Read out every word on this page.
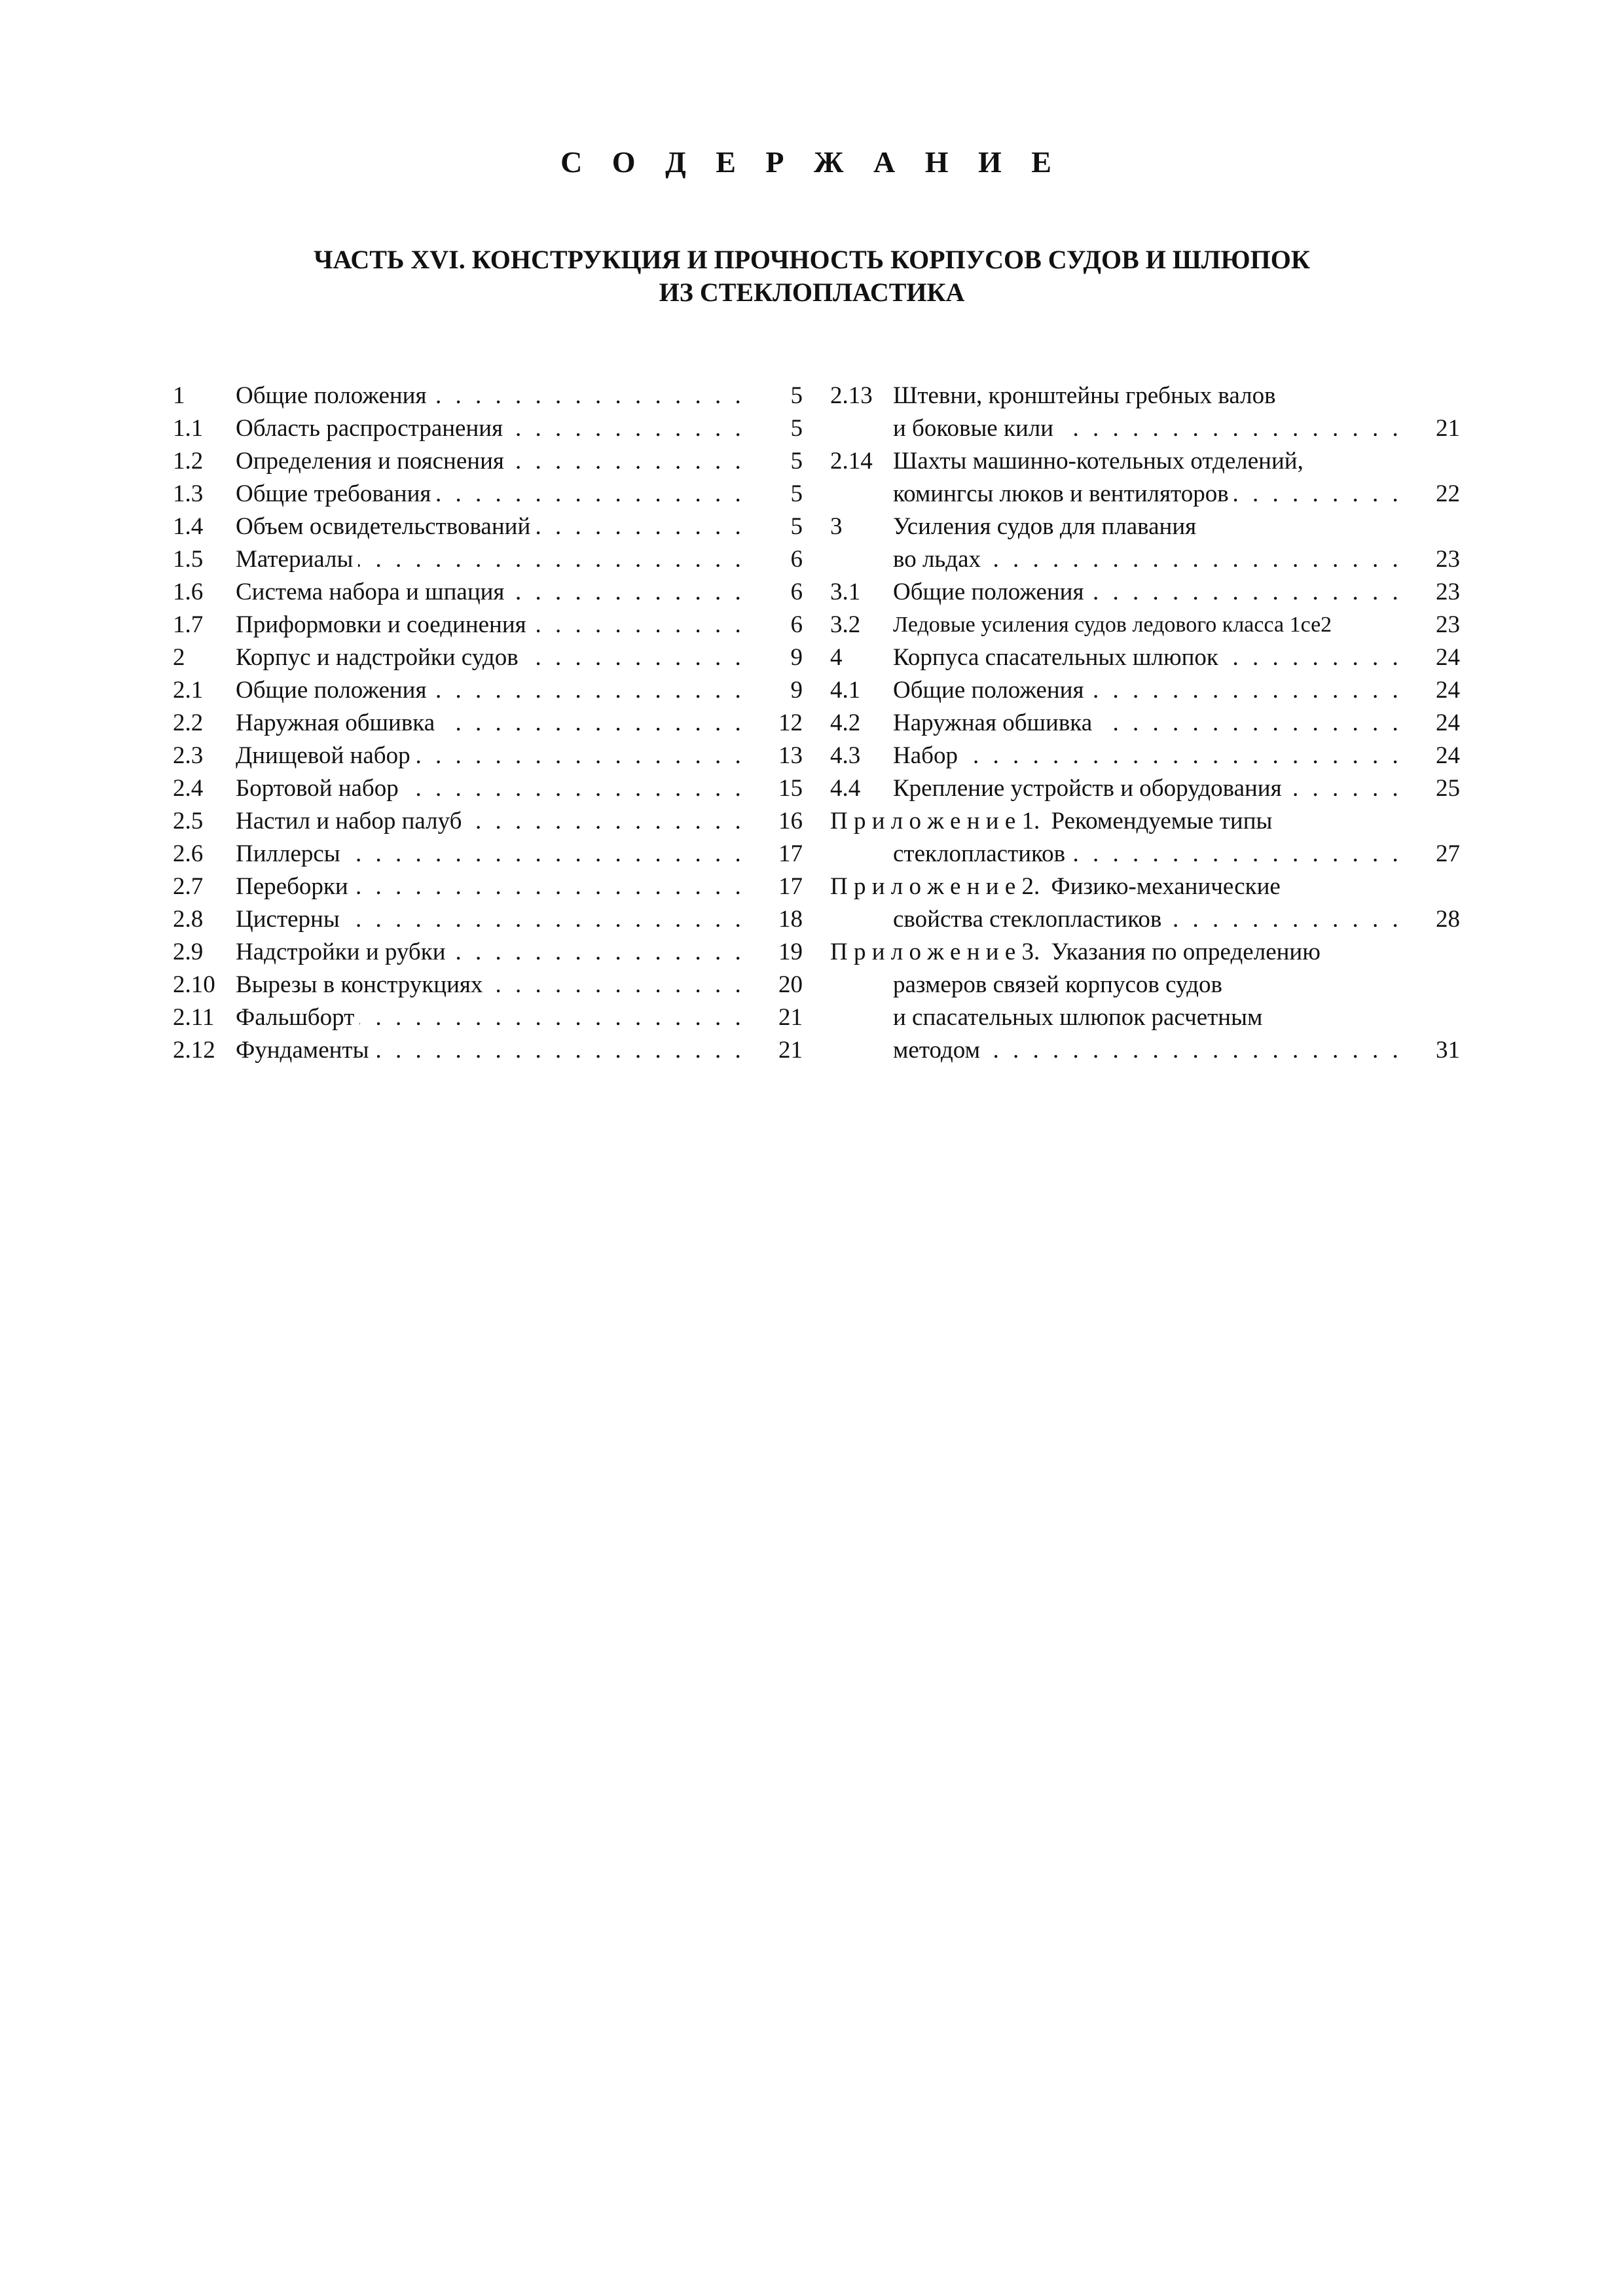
С О Д Е Р Ж А Н И Е
ЧАСТЬ XVI. КОНСТРУКЦИЯ И ПРОЧНОСТЬ КОРПУСОВ СУДОВ И ШЛЮПОК
ИЗ СТЕКЛОПЛАСТИКА
1 Общие положения . . .	5
1.1 Область распространения . . .	5
1.2 Определения и пояснения . . .	5
1.3 Общие требования . . .	5
1.4 Объем освидетельствований . . .	5
1.5 Материалы . . .	6
1.6 Система набора и шпация . . .	6
1.7 Приформовки и соединения . . .	6
2 Корпус и надстройки судов . . .	9
2.1 Общие положения . . .	9
2.2 Наружная обшивка . . .	12
2.3 Днищевой набор . . .	13
2.4 Бортовой набор . . .	15
2.5 Настил и набор палуб . . .	16
2.6 Пиллерсы . . .	17
2.7 Переборки . . .	17
2.8 Цистерны . . .	18
2.9 Надстройки и рубки . . .	19
2.10 Вырезы в конструкциях . . .	20
2.11 Фальшборт . . .	21
2.12 Фундаменты . . .	21
2.13 Штевни, кронштейны гребных валов
и боковые кили . . .	21
2.14 Шахты машинно-котельных отделений,
комингсы люков и вентиляторов . . .	22
3 Усиления судов для плавания
во льдах . . .	23
3.1 Общие положения . . .	23
3.2 Ледовые усиления судов ледового класса 1се2	23
4 Корпуса спасательных шлюпок . . .	24
4.1 Общие положения . . .	24
4.2 Наружная обшивка . . .	24
4.3 Набор . . .	24
4.4 Крепление устройств и оборудования . . .	25
П р и л о ж е н и е 1. Рекомендуемые типы
стеклопластиков . . .	27
П р и л о ж е н и е 2. Физико-механические
свойства стеклопластиков . . .	28
П р и л о ж е н и е 3. Указания по определению
размеров связей корпусов судов
и спасательных шлюпок расчетным
методом . . .	31
